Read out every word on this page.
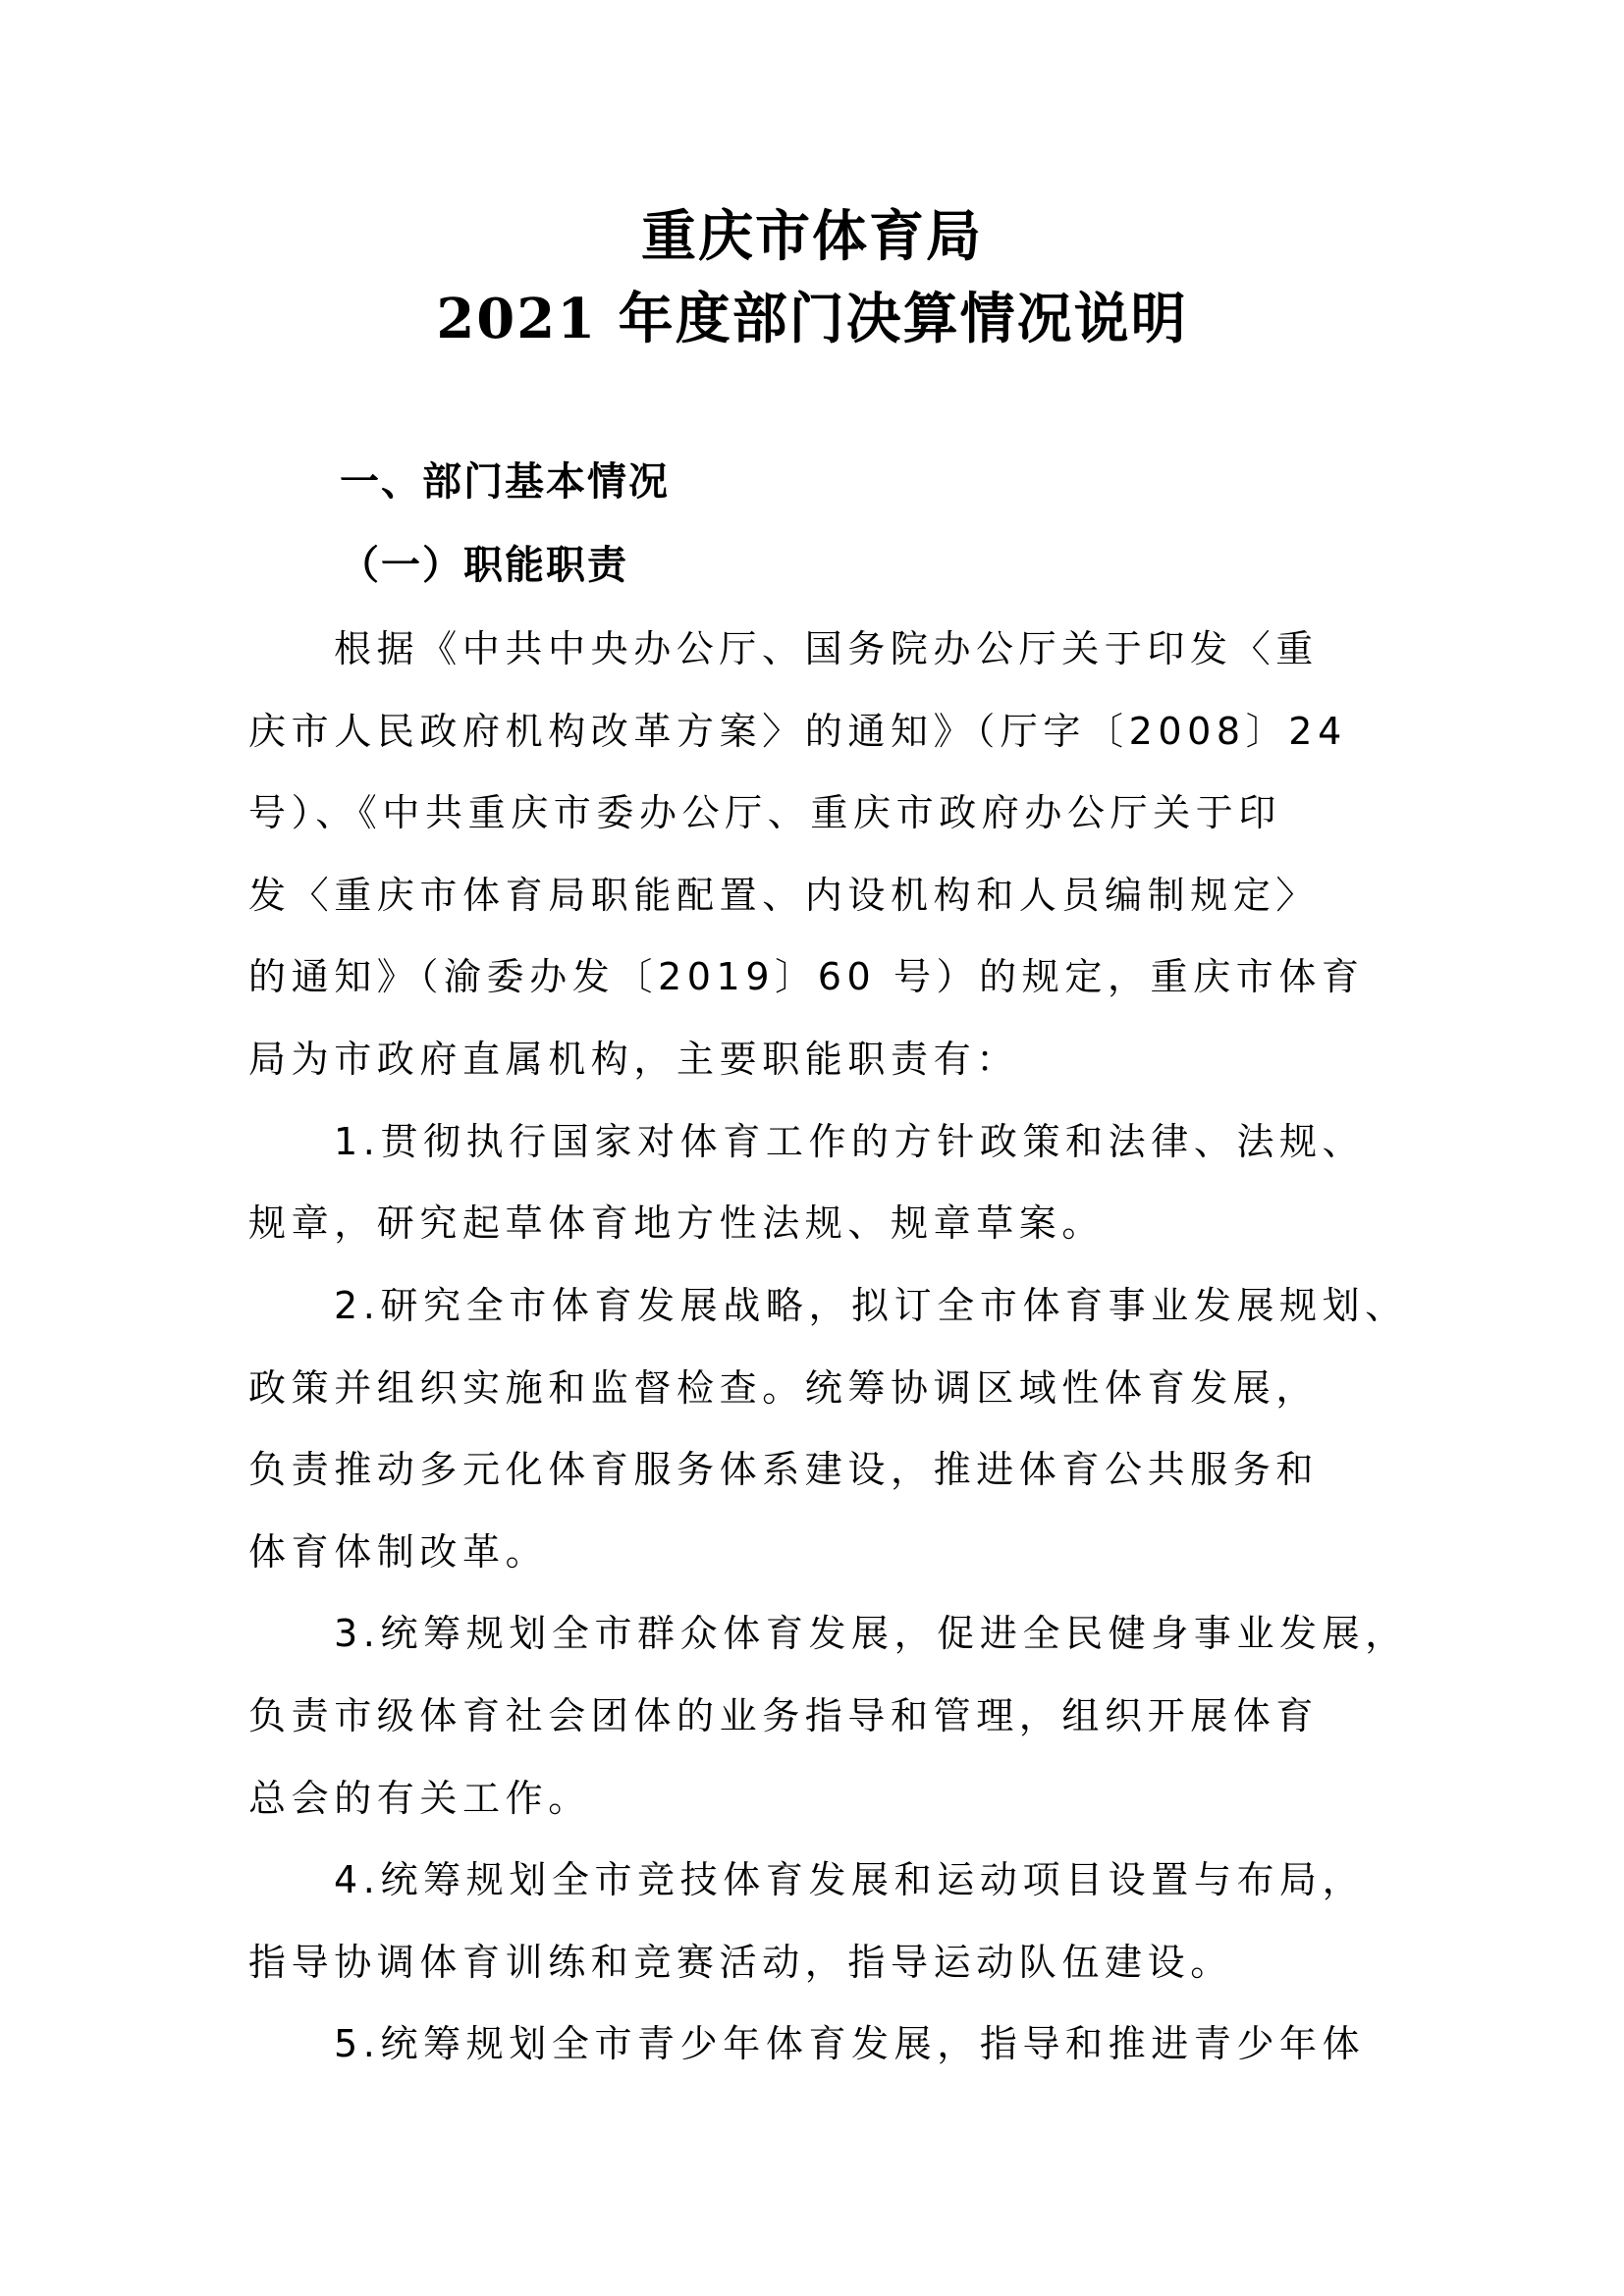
重庆市体育局
2021 年度部门决算情况说明
一、部门基本情况
（一）职能职责
根据《中共中央办公厅、国务院办公厅关于印发〈重
庆市人民政府机构改革方案〉的通知》（厅字〔2008〕24
号）、《中共重庆市委办公厅、重庆市政府办公厅关于印
发〈重庆市体育局职能配置、内设机构和人员编制规定〉
的通知》（渝委办发〔2019〕60 号）的规定，重庆市体育
局为市政府直属机构，主要职能职责有：
1.贯彻执行国家对体育工作的方针政策和法律、法规、
规章，研究起草体育地方性法规、规章草案。
2.研究全市体育发展战略，拟订全市体育事业发展规划、
政策并组织实施和监督检查。统筹协调区域性体育发展，
负责推动多元化体育服务体系建设，推进体育公共服务和
体育体制改革。
3.统筹规划全市群众体育发展，促进全民健身事业发展，
负责市级体育社会团体的业务指导和管理，组织开展体育
总会的有关工作。
4.统筹规划全市竞技体育发展和运动项目设置与布局，
指导协调体育训练和竞赛活动，指导运动队伍建设。
5.统筹规划全市青少年体育发展，指导和推进青少年体
